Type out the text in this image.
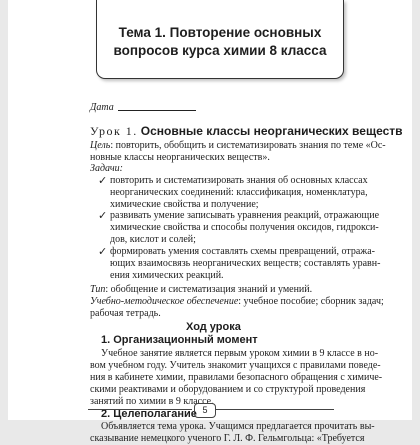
Тема 1. Повторение основных
вопросов курса химии 8 класса
Дата
Урок 1. Основные классы неорганических веществ
Цель: повторить, обобщить и систематизировать знания по теме «Ос-
новные классы неорганических веществ».
Задачи:
✓ повторить и систематизировать знания об основных классах
неорганических соединений: классификация, номенклатура,
химические свойства и получение;
✓ развивать умение записывать уравнения реакций, отражающие
химические свойства и способы получения оксидов, гидрокси-
дов, кислот и солей;
✓ формировать умения составлять схемы превращений, отража-
ющих взаимосвязь неорганических веществ; составлять уравн-
ения химических реакций.
Тип: обобщение и систематизация знаний и умений.
Учебно-методическое обеспечение: учебное пособие; сборник задач;
рабочая тетрадь.
Ход урока
1. Организационный момент
Учебное занятие является первым уроком химии в 9 классе в но-
вом учебном году. Учитель знакомит учащихся с правилами поведе-
ния в кабинете химии, правилами безопасного обращения с химиче-
скими реактивами и оборудованием и со структурой проведения
занятий по химии в 9 классе.
2. Целеполагание
Объявляется тема урока. Учащимся предлагается прочитать вы-
сказывание немецкого ученого Г. Л. Ф. Гельмгольца: «Требуется
5
